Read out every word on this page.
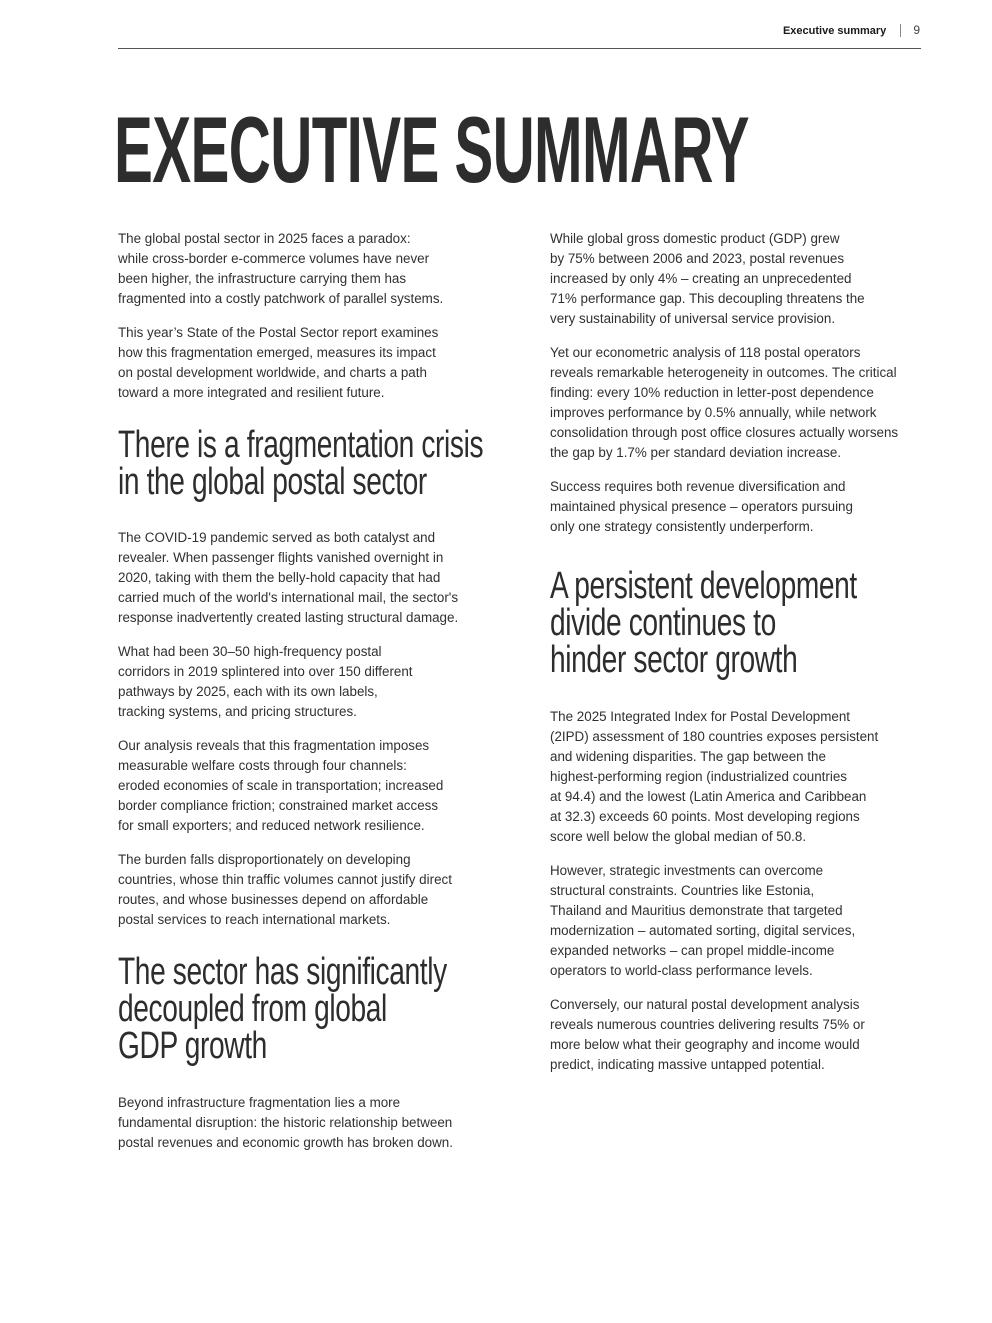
Executive summary 9
EXECUTIVE SUMMARY

The global postal sector in 2025 faces a paradox:
while cross-border e-commerce volumes have never
been higher, the infrastructure carrying them has
fragmented into a costly patchwork of parallel systems.

This year’s State of the Postal Sector report examines
how this fragmentation emerged, measures its impact
on postal development worldwide, and charts a path
toward a more integrated and resilient future.

There is a fragmentation crisis
in the global postal sector

The COVID-19 pandemic served as both catalyst and
revealer. When passenger flights vanished overnight in
2020, taking with them the belly-hold capacity that had
carried much of the world's international mail, the sector's
response inadvertently created lasting structural damage.

What had been 30–50 high-frequency postal
corridors in 2019 splintered into over 150 different
pathways by 2025, each with its own labels,
tracking systems, and pricing structures.

Our analysis reveals that this fragmentation imposes
measurable welfare costs through four channels:
eroded economies of scale in transportation; increased
border compliance friction; constrained market access
for small exporters; and reduced network resilience.

The burden falls disproportionately on developing
countries, whose thin traffic volumes cannot justify direct
routes, and whose businesses depend on affordable
postal services to reach international markets.

The sector has significantly
decoupled from global
GDP growth

Beyond infrastructure fragmentation lies a more
fundamental disruption: the historic relationship between
postal revenues and economic growth has broken down.

While global gross domestic product (GDP) grew
by 75% between 2006 and 2023, postal revenues
increased by only 4% – creating an unprecedented
71% performance gap. This decoupling threatens the
very sustainability of universal service provision.

Yet our econometric analysis of 118 postal operators
reveals remarkable heterogeneity in outcomes. The critical
finding: every 10% reduction in letter-post dependence
improves performance by 0.5% annually, while network
consolidation through post office closures actually worsens
the gap by 1.7% per standard deviation increase.

Success requires both revenue diversification and
maintained physical presence – operators pursuing
only one strategy consistently underperform.

A persistent development
divide continues to
hinder sector growth

The 2025 Integrated Index for Postal Development
(2IPD) assessment of 180 countries exposes persistent
and widening disparities. The gap between the
highest-performing region (industrialized countries
at 94.4) and the lowest (Latin America and Caribbean
at 32.3) exceeds 60 points. Most developing regions
score well below the global median of 50.8.

However, strategic investments can overcome
structural constraints. Countries like Estonia,
Thailand and Mauritius demonstrate that targeted
modernization – automated sorting, digital services,
expanded networks – can propel middle-income
operators to world-class performance levels.

Conversely, our natural postal development analysis
reveals numerous countries delivering results 75% or
more below what their geography and income would
predict, indicating massive untapped potential.
